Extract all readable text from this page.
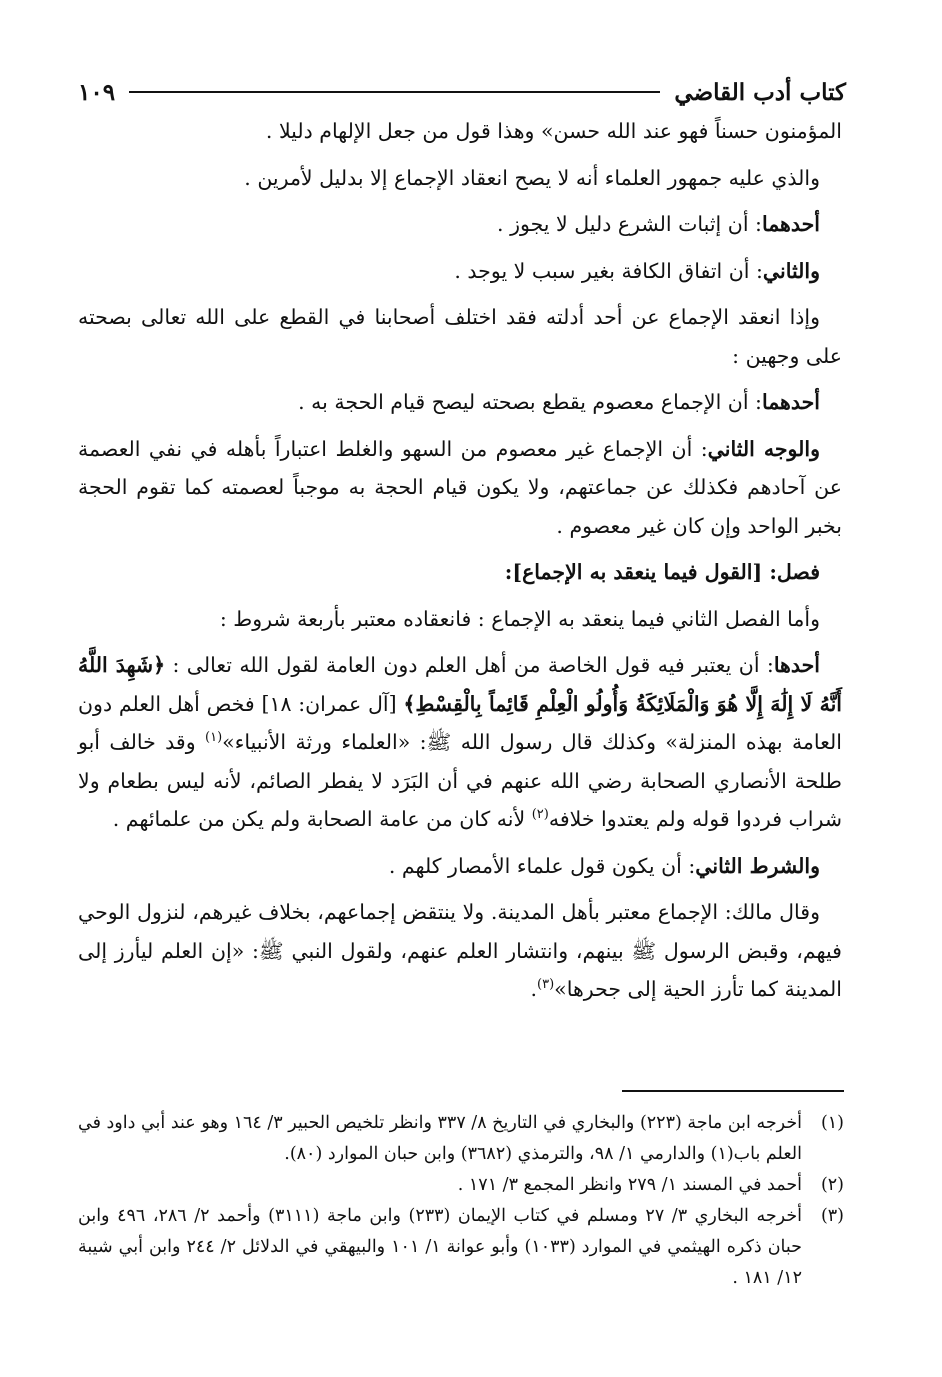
كتاب أدب القاضي
١٠٩

المؤمنون حسناً فهو عند الله حسن» وهذا قول من جعل الإلهام دليلا .

والذي عليه جمهور العلماء أنه لا يصح انعقاد الإجماع إلا بدليل لأمرين .

أحدهما: أن إثبات الشرع دليل لا يجوز .

والثاني: أن اتفاق الكافة بغير سبب لا يوجد .

وإذا انعقد الإجماع عن أحد أدلته فقد اختلف أصحابنا في القطع على الله تعالى بصحته على وجهين :

أحدهما: أن الإجماع معصوم يقطع بصحته ليصح قيام الحجة به .

والوجه الثاني: أن الإجماع غير معصوم من السهو والغلط اعتباراً بأهله في نفي العصمة عن آحادهم فكذلك عن جماعتهم، ولا يكون قيام الحجة به موجباً لعصمته كما تقوم الحجة بخبر الواحد وإن كان غير معصوم .

فصل: [القول فيما ينعقد به الإجماع]:

وأما الفصل الثاني فيما ينعقد به الإجماع : فانعقاده معتبر بأربعة شروط :

أحدها: أن يعتبر فيه قول الخاصة من أهل العلم دون العامة لقول الله تعالى : ﴿شَهِدَ اللَّهُ أَنَّهُ لَا إِلَٰهَ إِلَّا هُوَ وَالْمَلَائِكَةُ وَأُولُو الْعِلْمِ قَائِماً بِالْقِسْطِ﴾ [آل عمران: ١٨] فخص أهل العلم دون العامة بهذه المنزلة» وكذلك قال رسول الله ﷺ: «العلماء ورثة الأنبياء»$^{(١)}$ وقد خالف أبو طلحة الأنصاري الصحابة رضي الله عنهم في أن البَرَد لا يفطر الصائم، لأنه ليس بطعام ولا شراب فردوا قوله ولم يعتدوا خلافه$^{(٢)}$ لأنه كان من عامة الصحابة ولم يكن من علمائهم .

والشرط الثاني: أن يكون قول علماء الأمصار كلهم .

وقال مالك: الإجماع معتبر بأهل المدينة. ولا ينتقض إجماعهم، بخلاف غيرهم، لنزول الوحي فيهم، وقبض الرسول ﷺ بينهم، وانتشار العلم عنهم، ولقول النبي ﷺ: «إن العلم ليأرز إلى المدينة كما تأرز الحية إلى جحرها»$^{(٣)}$.

(١)
أخرجه ابن ماجة (٢٢٣) والبخاري في التاريخ ٨/ ٣٣٧ وانظر تلخيص الحبير ٣/ ١٦٤ وهو عند أبي داود في العلم باب(١) والدارمي ١/ ٩٨، والترمذي (٣٦٨٢) وابن حبان الموارد (٨٠).

(٢)
أحمد في المسند ١/ ٢٧٩ وانظر المجمع ٣/ ١٧١ .

(٣)
أخرجه البخاري ٣/ ٢٧ ومسلم في كتاب الإيمان (٢٣٣) وابن ماجة (٣١١١) وأحمد ٢/ ٢٨٦، ٤٩٦ وابن حبان ذكره الهيثمي في الموارد (١٠٣٣) وأبو عوانة ١/ ١٠١ والبيهقي في الدلائل ٢/ ٢٤٤ وابن أبي شيبة ١٢/ ١٨١ .
